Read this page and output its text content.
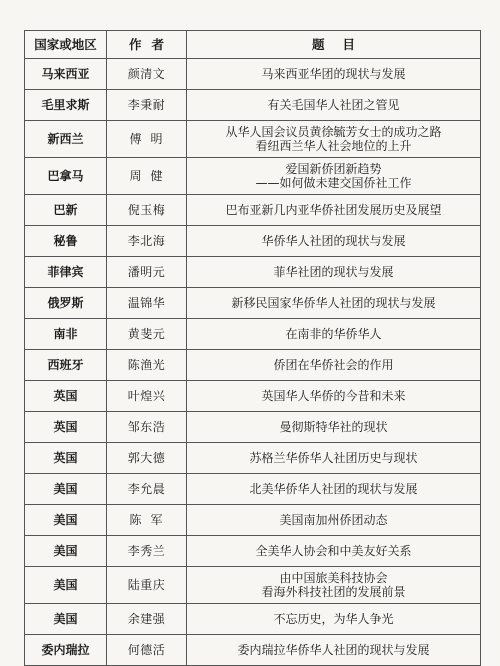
国家或地区	作者	题目
马来西亚	颜清文	马来西亚华团的现状与发展

毛里求斯	李秉耐	有关毛国华人社团之管见

新西兰	傅明	从华人国会议员黄徐毓芳女士的成功之路
看纽西兰华人社会地位的上升

巴拿马	周健	爱国新侨团新趋势
——如何做未建交国侨社工作

巴新	倪玉梅	巴布亚新几内亚华侨社团发展历史及展望

秘鲁	李北海	华侨华人社团的现状与发展

菲律宾	潘明元	菲华社团的现状与发展

俄罗斯	温锦华	新移民国家华侨华人社团的现状与发展

南非	黄斐元	在南非的华侨华人

西班牙	陈渔光	侨团在华侨社会的作用

英国	叶煌兴	英国华人华侨的今昔和未来

英国	邹东浩	曼彻斯特华社的现状

英国	郭大德	苏格兰华侨华人社团历史与现状

美国	李允晨	北美华侨华人社团的现状与发展

美国	陈军	美国南加州侨团动态

美国	李秀兰	全美华人协会和中美友好关系

美国	陆重庆	由中国旅美科技协会
看海外科技社团的发展前景

美国	余建强	不忘历史，为华人争光

委内瑞拉	何德活	委内瑞拉华侨华人社团的现状与发展
